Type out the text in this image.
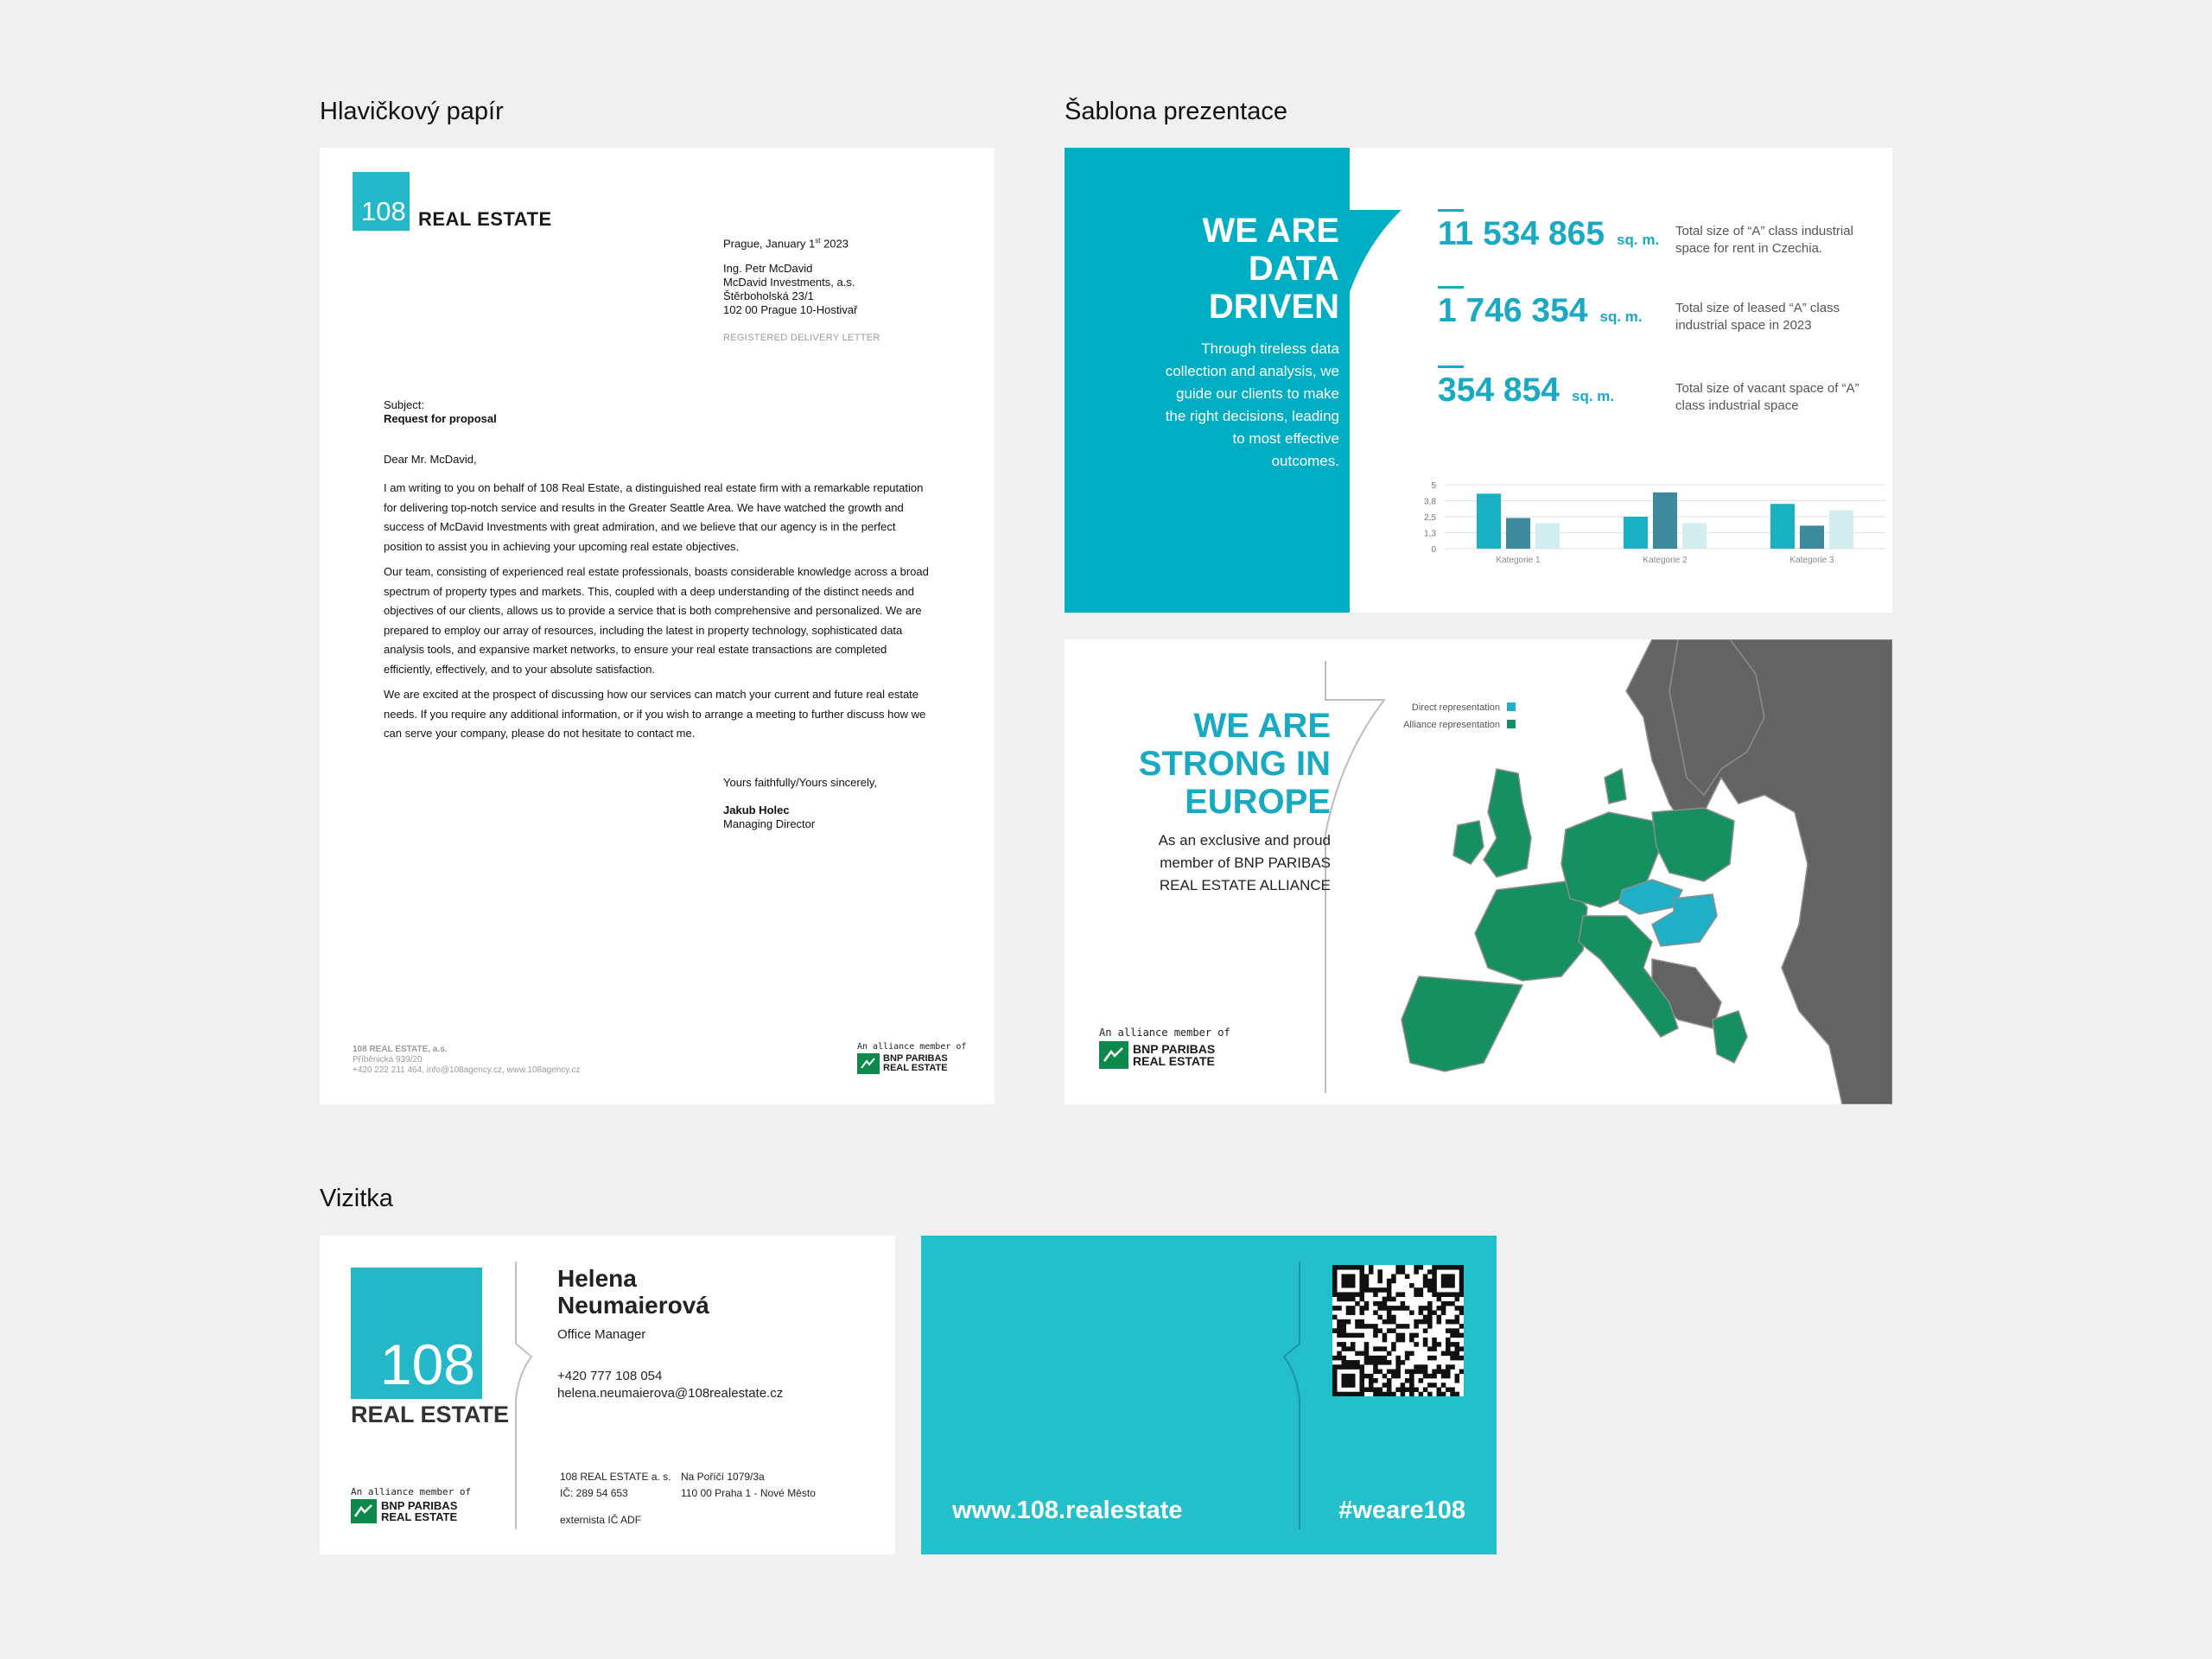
Hlavičkový papír	Šablona prezentace
Vizitka
108 REAL ESTATE
Prague, January 1st 2023
Ing. Petr McDavid
McDavid Investments, a.s.
Štěrboholská 23/1
102 00 Prague 10-Hostivař
REGISTERED DELIVERY LETTER
Subject:
Request for proposal
Dear Mr. McDavid,

I am writing to you on behalf of 108 Real Estate, a distinguished real estate firm with a remarkable reputation for delivering top-notch service and results in the Greater Seattle Area. We have watched the growth and success of McDavid Investments with great admiration, and we believe that our agency is in the perfect position to assist you in achieving your upcoming real estate objectives.

Our team, consisting of experienced real estate professionals, boasts considerable knowledge across a broad spectrum of property types and markets. This, coupled with a deep understanding of the distinct needs and objectives of our clients, allows us to provide a service that is both comprehensive and personalized. We are prepared to employ our array of resources, including the latest in property technology, sophisticated data analysis tools, and expansive market networks, to ensure your real estate transactions are completed efficiently, effectively, and to your absolute satisfaction.

We are excited at the prospect of discussing how our services can match your current and future real estate needs. If you require any additional information, or if you wish to arrange a meeting to further discuss how we can serve your company, please do not hesitate to contact me.

Yours faithfully/Yours sincerely,
Jakub Holec
Managing Director
108 REAL ESTATE, a.s.
Příběnická 939/20
+420 222 211 464, info@108agency.cz, www.108agency.cz
An alliance member of
BNP PARIBAS
REAL ESTATE
WE ARE
DATA
DRIVEN
Through tireless data
collection and analysis, we
guide our clients to make
the right decisions, leading
to most effective
outcomes.
11 534 865 sq. m.
Total size of “A” class industrial
space for rent in Czechia.
1 746 354 sq. m.
Total size of leased “A” class
industrial space in 2023
354 854 sq. m.	Total size of vacant space of “A”
class industrial space
5
3,8
2,5
1,3
0
Kategorie 1	Kategorie 2	Kategorie 3
WE ARE
STRONG IN
EUROPE
As an exclusive and proud
member of BNP PARIBAS
REAL ESTATE ALLIANCE
An alliance member of
BNP PARIBAS
REAL ESTATE
Direct representation
Alliance representation
108
REAL ESTATE
Helena
Neumaierová
Office Manager
+420 777 108 054
helena.neumaierova@108realestate.cz
108 REAL ESTATE a. s.
IČ: 289 54 653
Na Poříčí 1079/3a
110 00 Praha 1 - Nové Město
externista IČ ADF
An alliance member of
BNP PARIBAS
REAL ESTATE	www.108.realestate	#weare108
